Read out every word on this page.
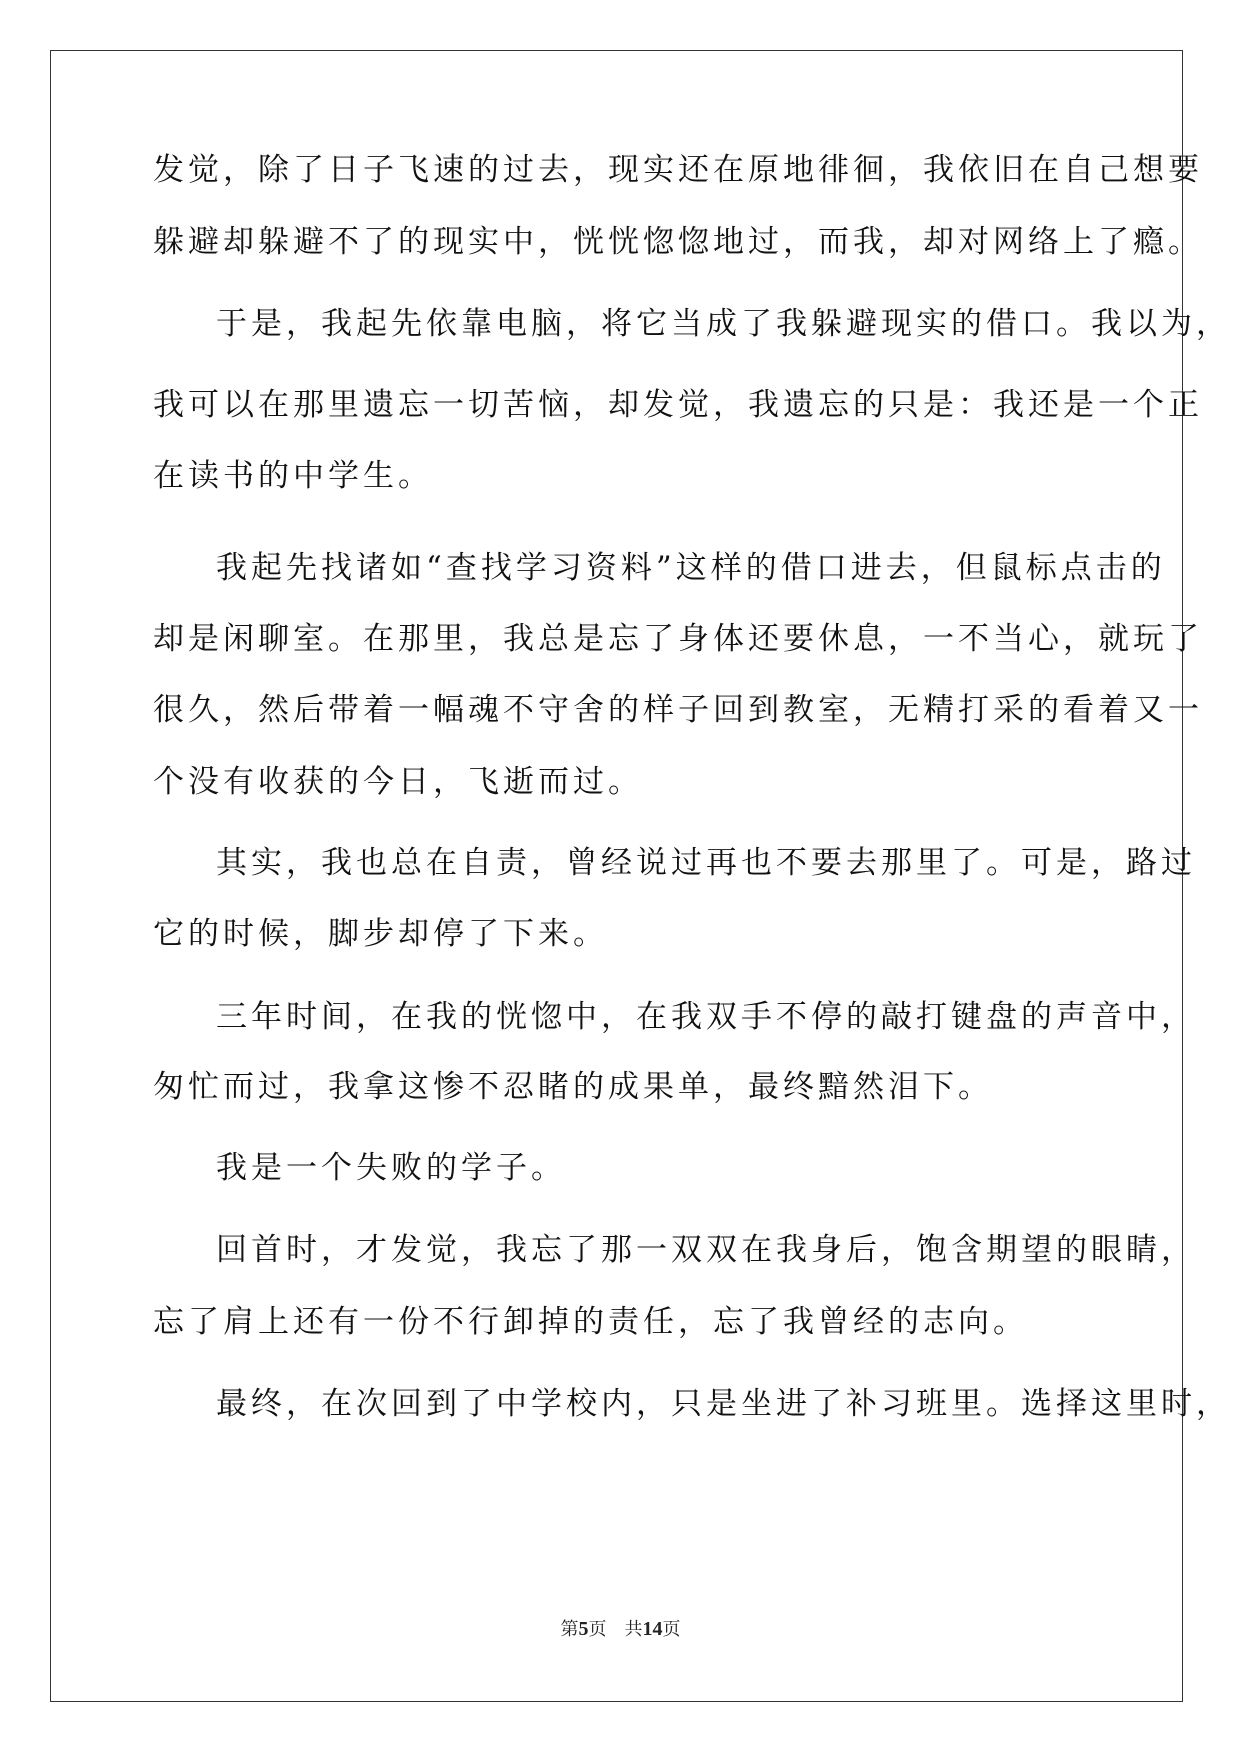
发觉，除了日子飞速的过去，现实还在原地徘徊，我依旧在自己想要
躲避却躲避不了的现实中，恍恍惚惚地过，而我，却对网络上了瘾。
于是，我起先依靠电脑，将它当成了我躲避现实的借口。我以为，
我可以在那里遗忘一切苦恼，却发觉，我遗忘的只是：我还是一个正
在读书的中学生。
我起先找诸如“查找学习资料”这样的借口进去，但鼠标点击的
却是闲聊室。在那里，我总是忘了身体还要休息，一不当心，就玩了
很久，然后带着一幅魂不守舍的样子回到教室，无精打采的看着又一
个没有收获的今日，飞逝而过。
其实，我也总在自责，曾经说过再也不要去那里了。可是，路过
它的时候，脚步却停了下来。
三年时间，在我的恍惚中，在我双手不停的敲打键盘的声音中，
匆忙而过，我拿这惨不忍睹的成果单，最终黯然泪下。
我是一个失败的学子。
回首时，才发觉，我忘了那一双双在我身后，饱含期望的眼睛，
忘了肩上还有一份不行卸掉的责任，忘了我曾经的志向。
最终，在次回到了中学校内，只是坐进了补习班里。选择这里时，
第5页 共14页
